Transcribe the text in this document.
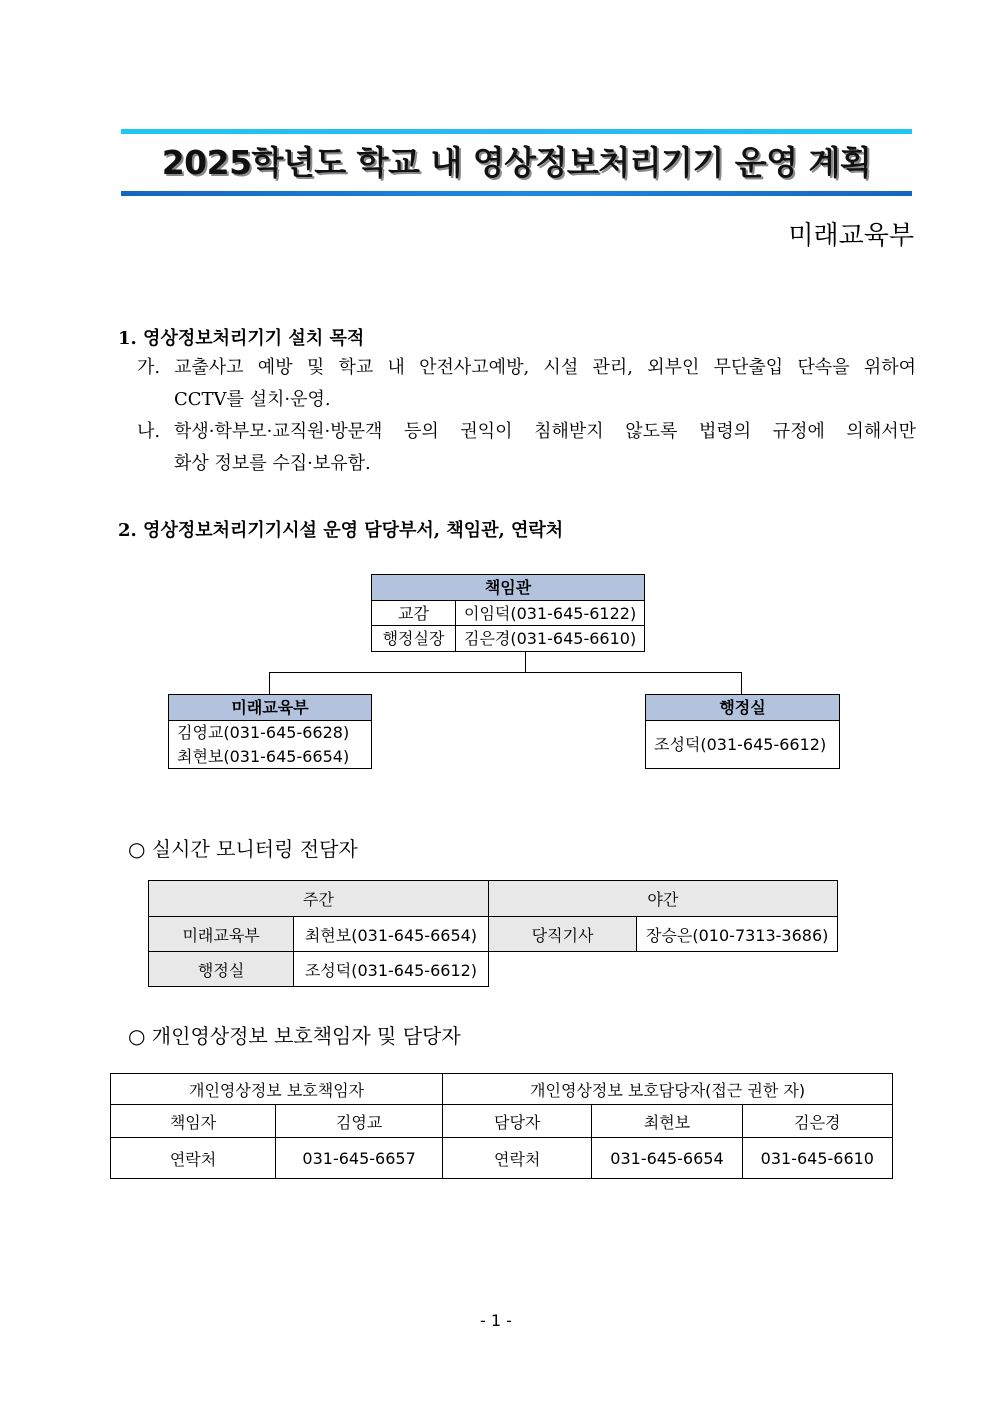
2025학년도 학교 내 영상정보처리기기 운영 계획
미래교육부
1. 영상정보처리기기 설치 목적
가. 교출사고 예방 및 학교 내 안전사고예방, 시설 관리, 외부인 무단출입 단속을 위하여
CCTV를 설치·운영.
나. 학생·학부모·교직원·방문객 등의 권익이 침해받지 않도록 법령의 규정에 의해서만
화상 정보를 수집·보유함.
2. 영상정보처리기기시설 운영 담당부서, 책임관, 연락처
책임관
교감	이임덕(031-645-6122)
행정실장	김은경(031-645-6610)
미래교육부
김영교(031-645-6628)
최현보(031-645-6654)
행정실
조성덕(031-645-6612)
○ 실시간 모니터링 전담자
주간		야간	
미래교육부	최현보(031-645-6654)	당직기사	장승은(010-7313-3686)
행정실	조성덕(031-645-6612)		
○ 개인영상정보 보호책임자 및 담당자
개인영상정보 보호책임자		개인영상정보 보호담당자(접근 권한 자)		
책임자	김영교	담당자	최현보	김은경
연락처	031-645-6657	연락처	031-645-6654	031-645-6610
- 1 -
